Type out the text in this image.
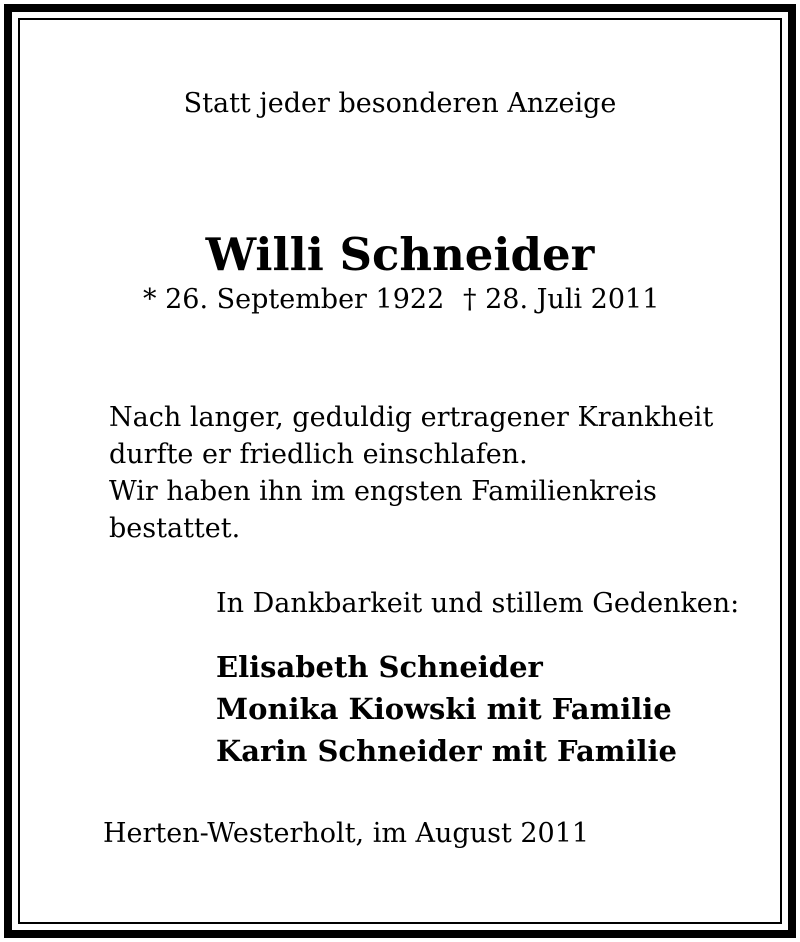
Statt jeder besonderen Anzeige

Willi Schneider

* 26. September 1922 † 28. Juli 2011

Nach langer, geduldig ertragener Krankheit

durfte er friedlich einschlafen.

Wir haben ihn im engsten Familienkreis

bestattet.

In Dankbarkeit und stillem Gedenken:

Elisabeth Schneider

Monika Kiowski mit Familie

Karin Schneider mit Familie

Herten-Westerholt, im August 2011
